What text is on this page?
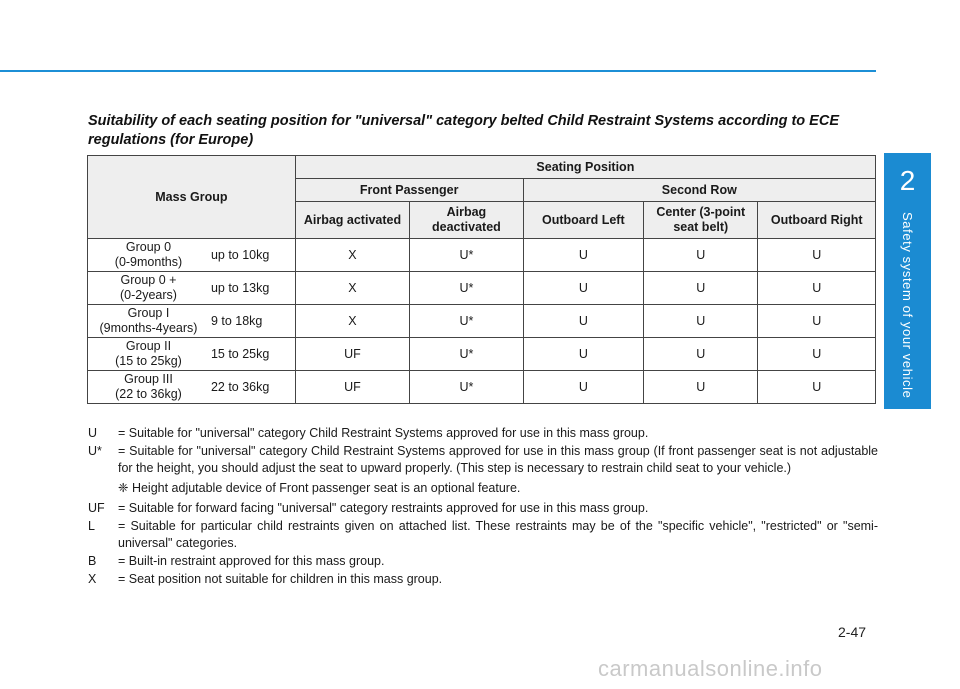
2
Safety system of your vehicle
Suitability of each seating position for "universal" category belted Child Restraint Systems according to ECE regulations (for Europe)
Mass Group		Seating Position				
		Front Passenger		Second Row		
		Airbag activated	Airbag deactivated	Outboard Left	Center (3-point seat belt)	Outboard Right

Group 0
(0-9months)	up to 10kg	X	U*	U	U	U

Group 0 +
(0-2years)	up to 13kg	X	U*	U	U	U

Group I
(9months-4years)	9 to 18kg	X	U*	U	U	U

Group II
(15 to 25kg)	15 to 25kg	UF	U*	U	U	U

Group III
(22 to 36kg)	22 to 36kg	UF	U*	U	U	U
U	= Suitable for "universal" category Child Restraint Systems approved for use in this mass group.
U*	= Suitable for "universal" category Child Restraint Systems approved for use in this mass group (If front passenger seat is not adjustable for the height, you should adjust the seat to upward properly. (This step is necessary to restrain child seat to your vehicle.)
❈ Height adjutable device of Front passenger seat is an optional feature.
UF	= Suitable for forward facing "universal" category restraints approved for use in this mass group.
L	= Suitable for particular child restraints given on attached list. These restraints may be of the "specific vehicle", "restricted" or "semi-universal" categories.
B	= Built-in restraint approved for this mass group.
X	= Seat position not suitable for children in this mass group.
2-47
carmanualsonline.info
